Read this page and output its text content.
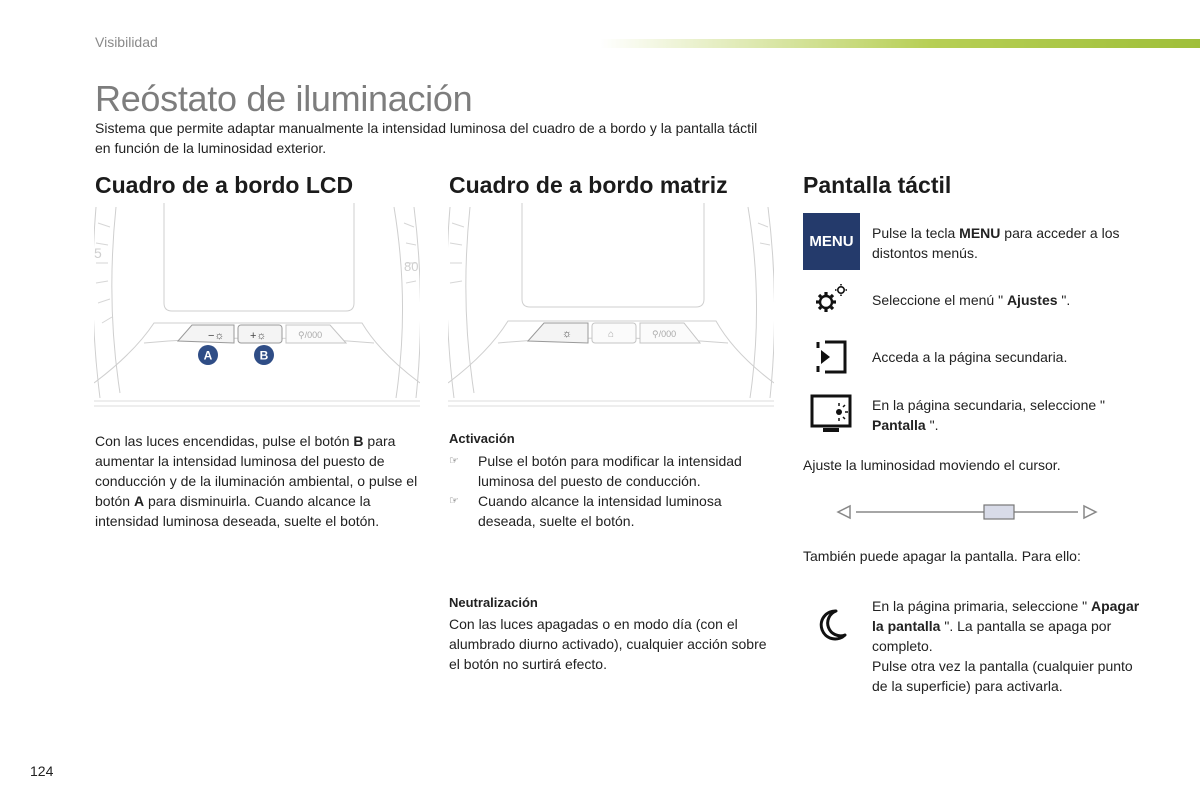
Visibilidad
Reóstato de iluminación

Sistema que permite adaptar manualmente la intensidad luminosa del cuadro de a bordo y la pantalla táctil en función de la luminosidad exterior.

Cuadro de a bordo LCD	Cuadro de a bordo matriz	Pantalla táctil
5
80
−☼ +☼	⚲/000
A	B
☼	⌂	⚲/000

Con las luces encendidas, pulse el botón B para aumentar la intensidad luminosa del puesto de conducción y de la iluminación ambiental, o pulse el botón A para disminuirla. Cuando alcance la intensidad luminosa deseada, suelte el botón.

Activación
☞	Pulse el botón para modificar la intensidad luminosa del puesto de conducción.
☞	Cuando alcance la intensidad luminosa deseada, suelte el botón.
Neutralización

Con las luces apagadas o en modo día (con el alumbrado diurno activado), cualquier acción sobre el botón no surtirá efecto.

MENU	Pulse la tecla MENU para acceder a los distontos menús.

Seleccione el menú " Ajustes ".

Acceda a la página secundaria.

En la página secundaria, seleccione " Pantalla ".

Ajuste la luminosidad moviendo el cursor.

También puede apagar la pantalla. Para ello:

En la página primaria, seleccione " Apagar la pantalla ". La pantalla se apaga por completo.
Pulse otra vez la pantalla (cualquier punto de la superficie) para activarla.

124
